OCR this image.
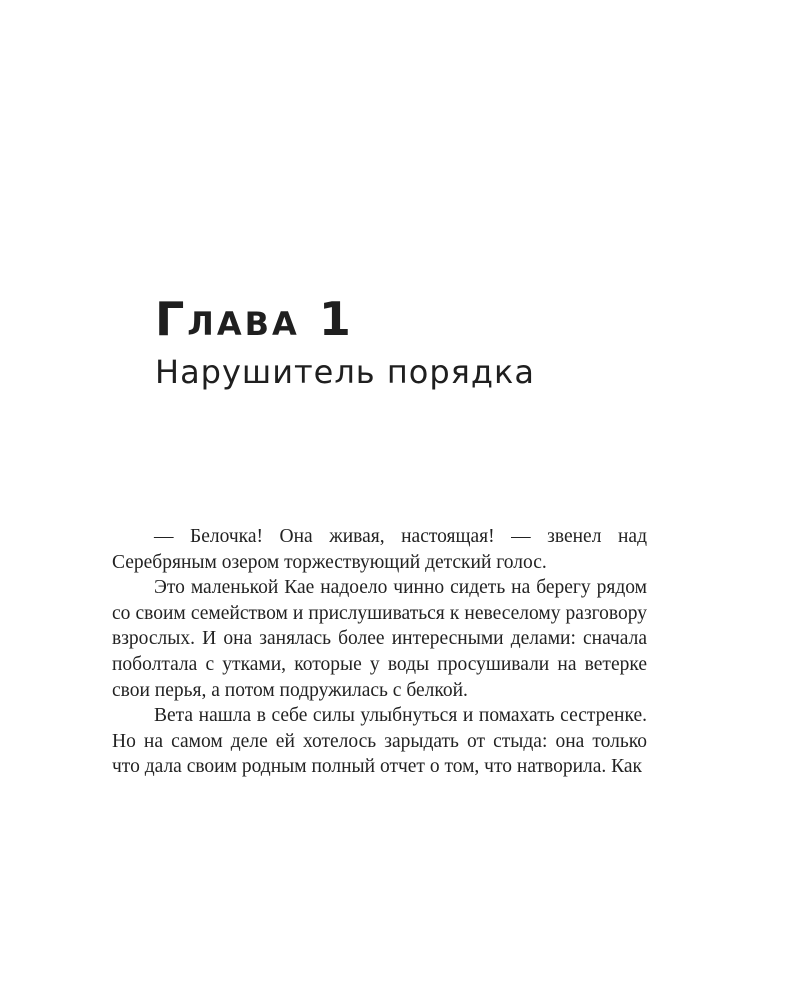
Глава 1
Нарушитель порядка

— Белочка! Она живая, настоящая! — звенел над Серебряным озером торжествующий детский голос.

Это маленькой Кае надоело чинно сидеть на берегу рядом со своим семейством и прислушиваться к невеселому разговору взрослых. И она занялась более интересными делами: сначала поболтала с утками, которые у воды просушивали на ветерке свои перья, а потом подружилась с белкой.

Вета нашла в себе силы улыбнуться и помахать сестренке. Но на самом деле ей хотелось зарыдать от стыда: она только что дала своим родным полный отчет о том, что натворила. Как
